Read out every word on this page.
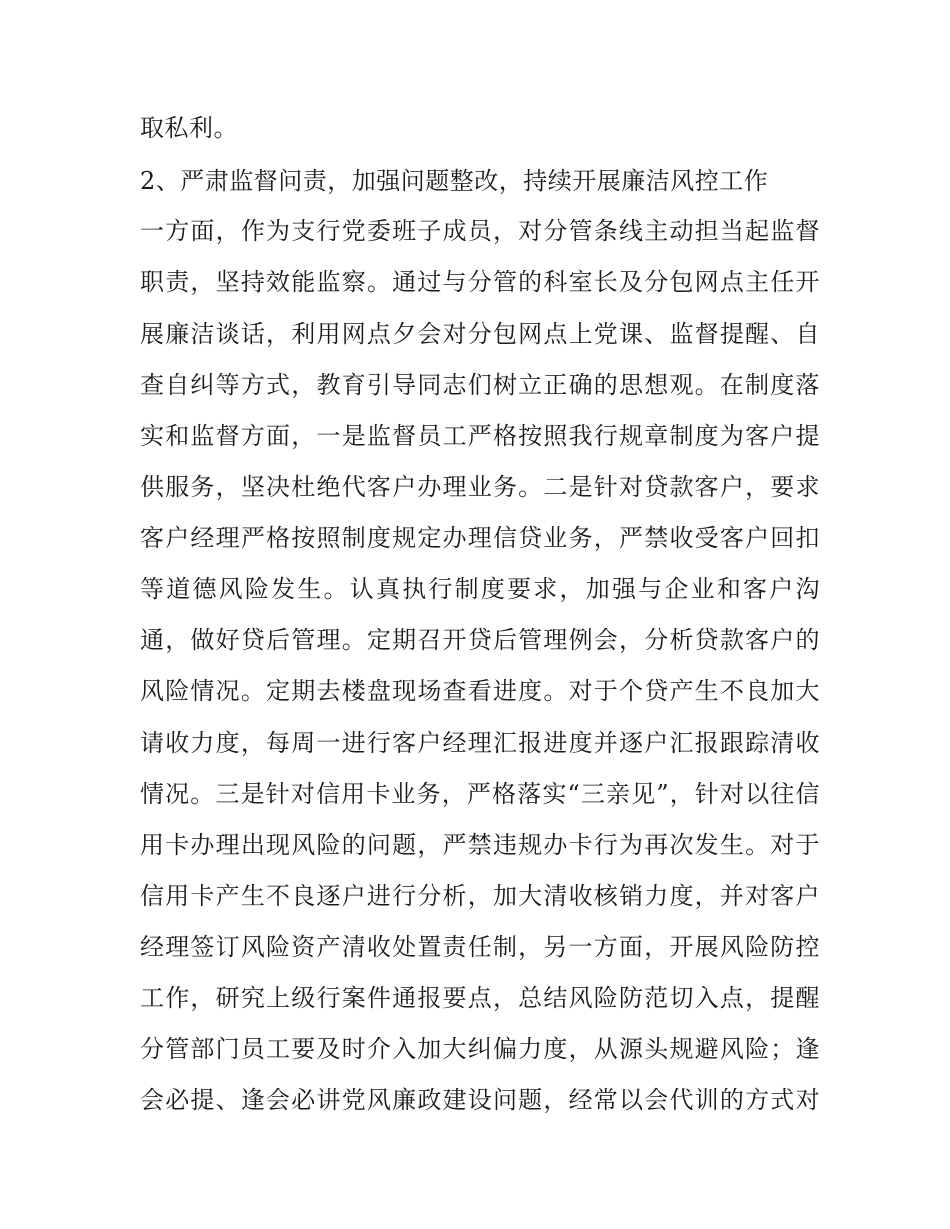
取私利。
2、严肃监督问责，加强问题整改，持续开展廉洁风控工作
一方面，作为支行党委班子成员，对分管条线主动担当起监督
职责，坚持效能监察。通过与分管的科室长及分包网点主任开
展廉洁谈话，利用网点夕会对分包网点上党课、监督提醒、自
查自纠等方式，教育引导同志们树立正确的思想观。在制度落
实和监督方面，一是监督员工严格按照我行规章制度为客户提
供服务，坚决杜绝代客户办理业务。二是针对贷款客户，要求
客户经理严格按照制度规定办理信贷业务，严禁收受客户回扣
等道德风险发生。认真执行制度要求，加强与企业和客户沟
通，做好贷后管理。定期召开贷后管理例会，分析贷款客户的
风险情况。定期去楼盘现场查看进度。对于个贷产生不良加大
请收力度，每周一进行客户经理汇报进度并逐户汇报跟踪清收
情况。三是针对信用卡业务，严格落实“三亲见”，针对以往信
用卡办理出现风险的问题，严禁违规办卡行为再次发生。对于
信用卡产生不良逐户进行分析，加大清收核销力度，并对客户
经理签订风险资产清收处置责任制，另一方面，开展风险防控
工作，研究上级行案件通报要点，总结风险防范切入点，提醒
分管部门员工要及时介入加大纠偏力度，从源头规避风险；逢
会必提、逢会必讲党风廉政建设问题，经常以会代训的方式对
